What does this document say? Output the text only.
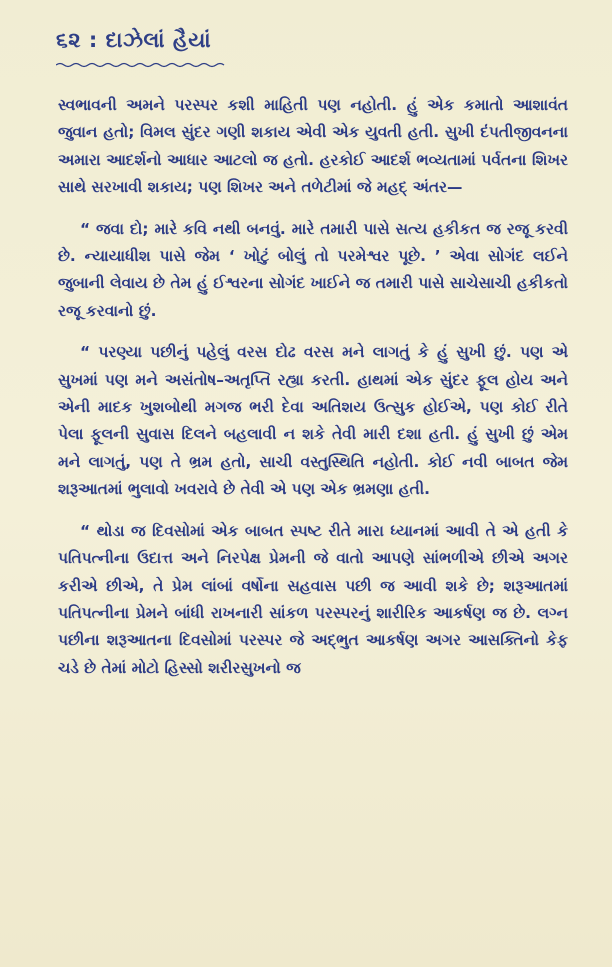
૬૨ : દાઝેલાં હૈયાં

સ્વભાવની અમને પરસ્પર કશી માહિતી પણ નહોતી. હું એક કમાતો આશાવંત જુવાન હતો; વિમલ સુંદર ગણી શકાય એવી એક યુવતી હતી. સુખી દંપતીજીવનના અમારા આદર્શનો આધાર આટલો જ હતો. હરકોઈ આદર્શ ભવ્યતામાં પર્વતના શિખર સાથે સરખાવી શકાય; પણ શિખર અને તળેટીમાં જે મહદ્ અંતર—

“ જવા દો; મારે કવિ નથી બનવું. મારે તમારી પાસે સત્ય હકીકત જ રજૂ કરવી છે. ન્યાયાધીશ પાસે જેમ ‘ ખોટું બોલું તો પરમેશ્વર પૂછે. ’ એવા સોગંદ લઈને જુબાની લેવાય છે તેમ હું ઈશ્વરના સોગંદ ખાઈને જ તમારી પાસે સાચેસાચી હકીકતો રજૂ કરવાનો છું.

“ પરણ્યા પછીનું પહેલું વરસ દોઢ વરસ મને લાગતું કે હું સુખી છું. પણ એ સુખમાં પણ મને અસંતોષ–અતૃપ્તિ રહ્યા કરતી. હાથમાં એક સુંદર ફૂલ હોય અને એની માદક ખુશબોથી મગજ ભરી દેવા અતિશય ઉત્સુક હોઈએ, પણ કોઈ રીતે પેલા ફૂલની સુવાસ દિલને બહલાવી ન શકે તેવી મારી દશા હતી. હું સુખી છું એમ મને લાગતું, પણ તે ભ્રમ હતો, સાચી વસ્તુસ્થિતિ નહોતી. કોઈ નવી બાબત જેમ શરૂઆતમાં ભુલાવો ખવરાવે છે તેવી એ પણ એક ભ્રમણા હતી.

“ થોડા જ દિવસોમાં એક બાબત સ્પષ્ટ રીતે મારા ધ્યાનમાં આવી તે એ હતી કે પતિપત્નીના ઉદાત્ત અને નિરપેક્ષ પ્રેમની જે વાતો આપણે સાંભળીએ છીએ અગર કરીએ છીએ, તે પ્રેમ લાંબાં વર્ષોના સહવાસ પછી જ આવી શકે છે; શરૂઆતમાં પતિપત્નીના પ્રેમને બાંધી રાખનારી સાંકળ પરસ્પરનું શારીરિક આકર્ષણ જ છે. લગ્ન પછીના શરૂઆતના દિવસોમાં પરસ્પર જે અદ્ભુત આકર્ષણ અગર આસક્તિનો કેફ ચડે છે તેમાં મોટો હિસ્સો શરીરસુખનો જ
